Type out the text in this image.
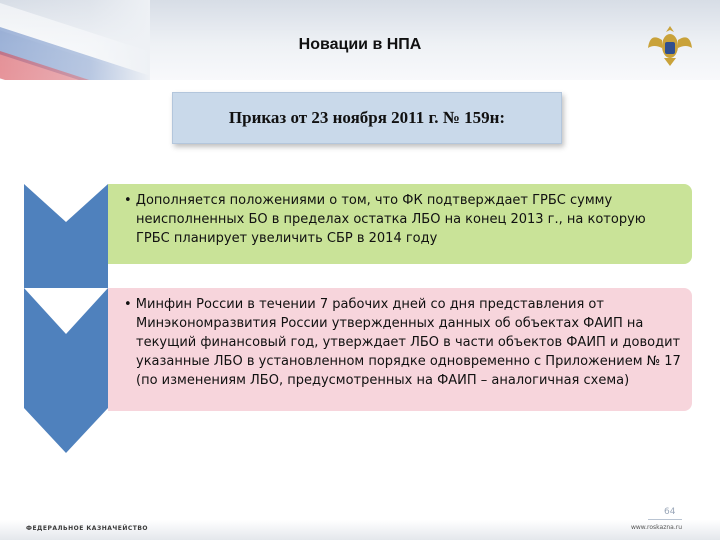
Новации в НПА
Приказ от 23 ноября 2011 г. № 159н:

• Дополняется положениями о том, что ФК подтверждает ГРБС сумму неисполненных БО в пределах остатка ЛБО на конец 2013 г., на которую ГРБС планирует увеличить СБР в 2014 году

• Минфин России в течении 7 рабочих дней со дня представления от Минэкономразвития России утвержденных данных об объектах ФАИП на текущий финансовый год, утверждает ЛБО в части объектов ФАИП и доводит указанные ЛБО в установленном порядке одновременно с Приложением № 17 (по изменениям ЛБО, предусмотренных на ФАИП – аналогичная схема)

64
ФЕДЕРАЛЬНОЕ КАЗНАЧЕЙСТВО	www.roskazna.ru
